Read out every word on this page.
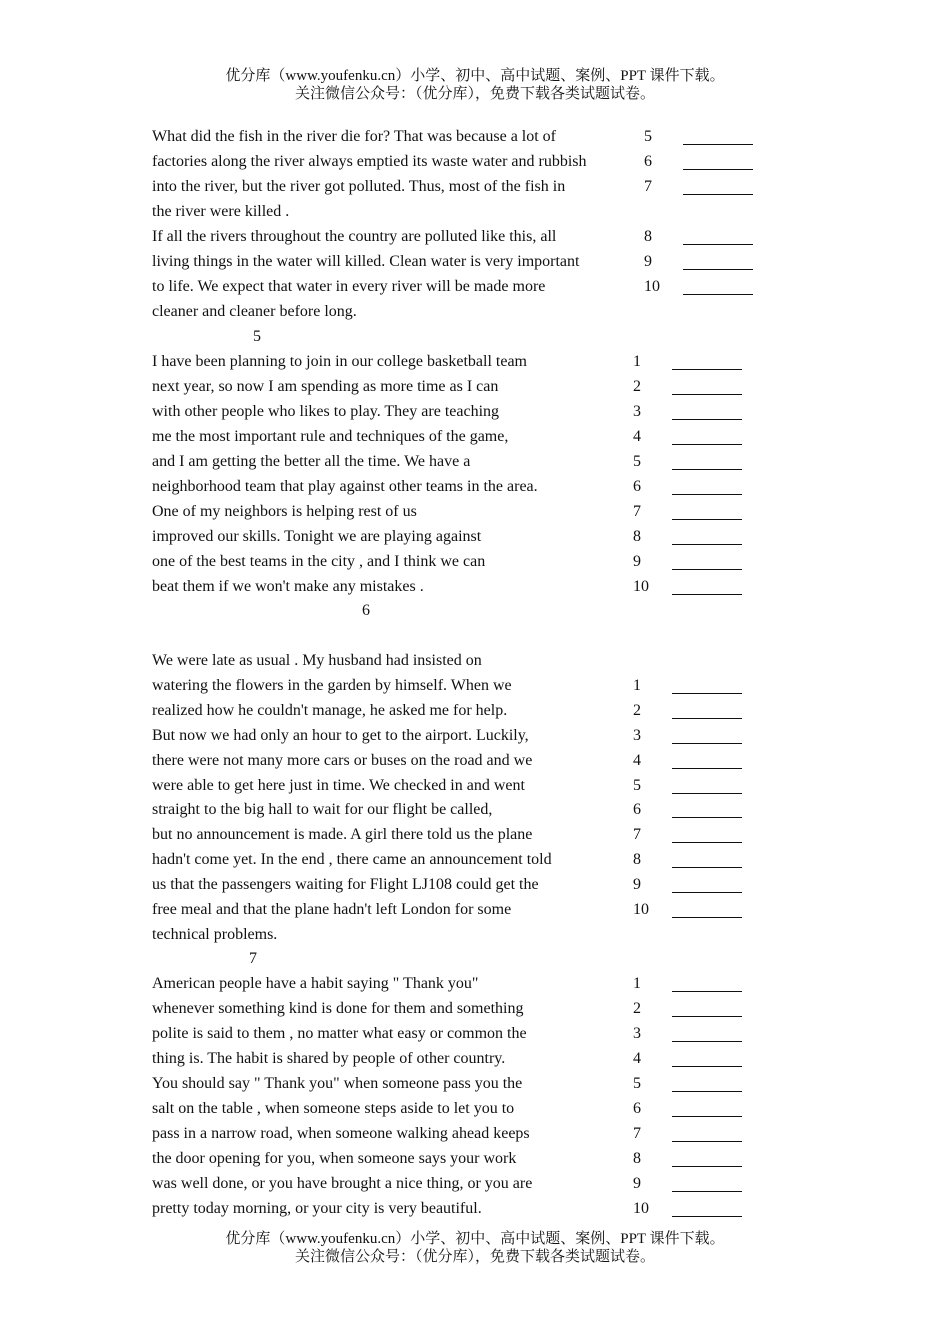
优分库（www.youfenku.cn）小学、初中、高中试题、案例、PPT 课件下载。
关注微信公众号：（优分库），免费下载各类试题试卷。
What did the fish in the river die for? That was because a lot of
factories along the river always emptied its waste water and rubbish
into the river, but the river got polluted. Thus, most of the fish in
the river were killed .
If all the rivers throughout the country are polluted like this, all
living things in the water will killed. Clean water is very important
to life. We expect that water in every river will be made more
cleaner and cleaner before long.
5
6
7
8
9
10
5
I have been planning to join in our college basketball team
next year, so now I am spending as more time as I can
with other people who likes to play. They are teaching
me the most important rule and techniques of the game,
and I am getting the better all the time. We have a
neighborhood team that play against other teams in the area.
One of my neighbors is helping rest of us
improved our skills. Tonight we are playing against
one of the best teams in the city , and I think we can
beat them if we won't make any mistakes .
1
2
3
4
5
6
7
8
9
10
6
We were late as usual . My husband had insisted on
watering the flowers in the garden by himself. When we
realized how he couldn't manage, he asked me for help.
But now we had only an hour to get to the airport. Luckily,
there were not many more cars or buses on the road and we
were able to get here just in time. We checked in and went
straight to the big hall to wait for our flight be called,
but no announcement is made. A girl there told us the plane
hadn't come yet. In the end , there came an announcement told
us that the passengers waiting for Flight LJ108 could get the
free meal and that the plane hadn't left London for some
technical problems.
1
2
3
4
5
6
7
8
9
10
7
American people have a habit saying " Thank you"
whenever something kind is done for them and something
polite is said to them , no matter what easy or common the
thing is. The habit is shared by people of other country.
You should say " Thank you" when someone pass you the
salt on the table , when someone steps aside to let you to
pass in a narrow road, when someone walking ahead keeps
the door opening for you, when someone says your work
was well done, or you have brought a nice thing, or you are
pretty today morning, or your city is very beautiful.
1
2
3
4
5
6
7
8
9
10
优分库（www.youfenku.cn）小学、初中、高中试题、案例、PPT 课件下载。
关注微信公众号：（优分库），免费下载各类试题试卷。
